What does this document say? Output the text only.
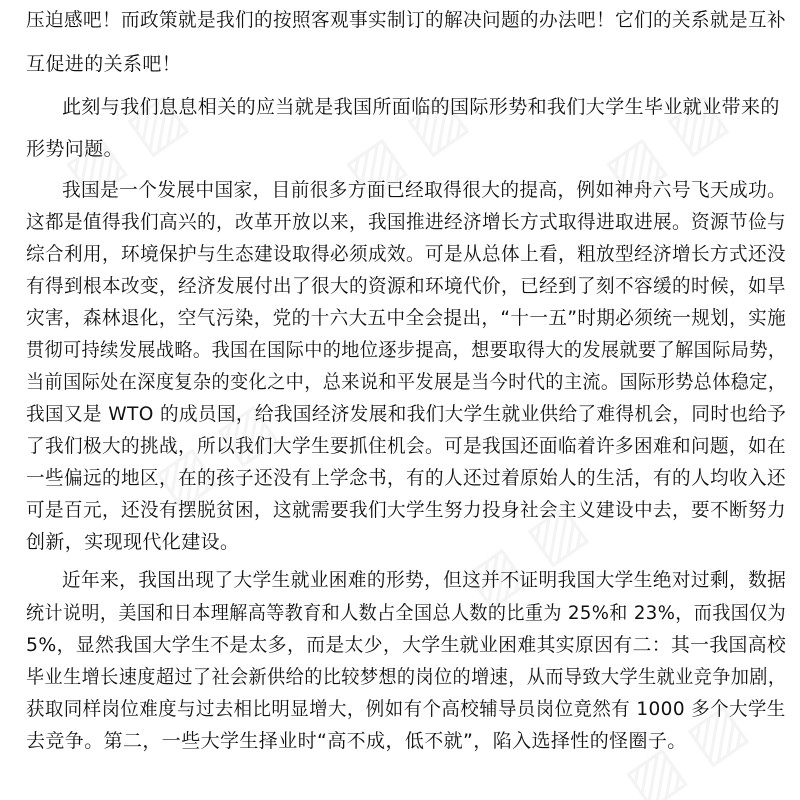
压迫感吧！而政策就是我们的按照客观事实制订的解决问题的办法吧！它们的关系就是互补
互促进的关系吧！
此刻与我们息息相关的应当就是我国所面临的国际形势和我们大学生毕业就业带来的
形势问题。
我国是一个发展中国家，目前很多方面已经取得很大的提高，例如神舟六号飞天成功。
这都是值得我们高兴的，改革开放以来，我国推进经济增长方式取得进取进展。资源节俭与
综合利用，环境保护与生态建设取得必须成效。可是从总体上看，粗放型经济增长方式还没
有得到根本改变，经济发展付出了很大的资源和环境代价，已经到了刻不容缓的时候，如旱
灾害，森林退化，空气污染，党的十六大五中全会提出，“十一五”时期必须统一规划，实施
贯彻可持续发展战略。我国在国际中的地位逐步提高，想要取得大的发展就要了解国际局势，
当前国际处在深度复杂的变化之中，总来说和平发展是当今时代的主流。国际形势总体稳定，
我国又是 WTO 的成员国，给我国经济发展和我们大学生就业供给了难得机会，同时也给予
了我们极大的挑战，所以我们大学生要抓住机会。可是我国还面临着许多困难和问题，如在
一些偏远的地区，在的孩子还没有上学念书，有的人还过着原始人的生活，有的人均收入还
可是百元，还没有摆脱贫困，这就需要我们大学生努力投身社会主义建设中去，要不断努力
创新，实现现代化建设。
近年来，我国出现了大学生就业困难的形势，但这并不证明我国大学生绝对过剩，数据
统计说明，美国和日本理解高等教育和人数占全国总人数的比重为 25%和 23%，而我国仅为
5%，显然我国大学生不是太多，而是太少，大学生就业困难其实原因有二：其一我国高校
毕业生增长速度超过了社会新供给的比较梦想的岗位的增速，从而导致大学生就业竞争加剧，
获取同样岗位难度与过去相比明显增大，例如有个高校辅导员岗位竟然有 1000 多个大学生
去竞争。第二，一些大学生择业时“高不成，低不就”，陷入选择性的怪圈子。
